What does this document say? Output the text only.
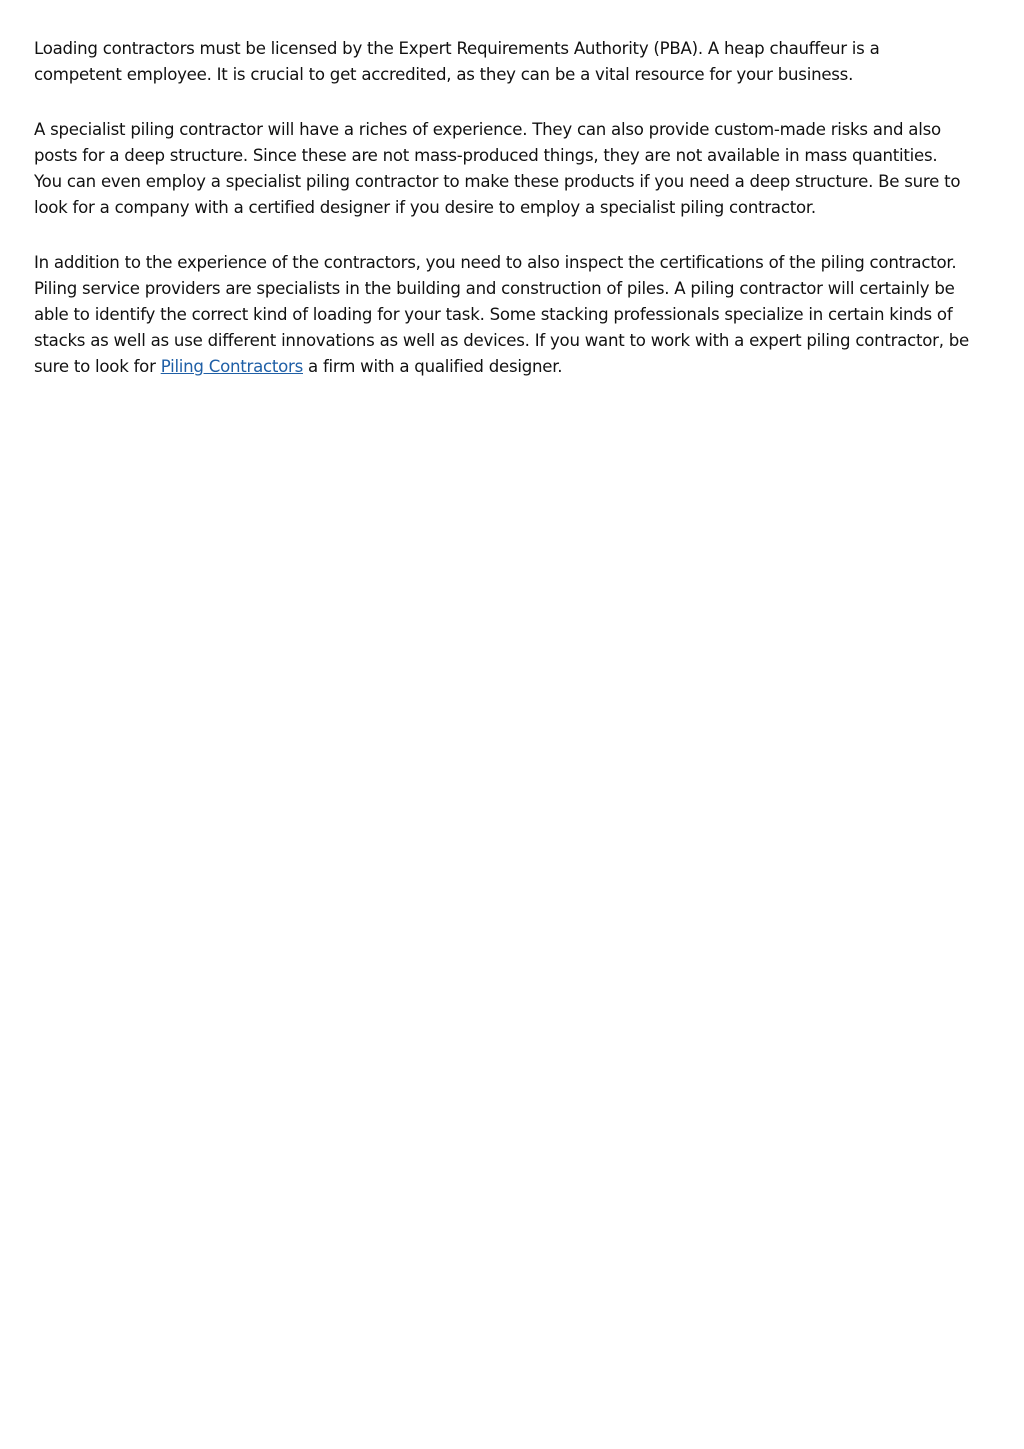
Loading contractors must be licensed by the Expert Requirements Authority (PBA). A heap chauffeur is a
competent employee. It is crucial to get accredited, as they can be a vital resource for your business.

A specialist piling contractor will have a riches of experience. They can also provide custom-made risks and also
posts for a deep structure. Since these are not mass-produced things, they are not available in mass quantities.
You can even employ a specialist piling contractor to make these products if you need a deep structure. Be sure to
look for a company with a certified designer if you desire to employ a specialist piling contractor.

In addition to the experience of the contractors, you need to also inspect the certifications of the piling contractor.
Piling service providers are specialists in the building and construction of piles. A piling contractor will certainly be
able to identify the correct kind of loading for your task. Some stacking professionals specialize in certain kinds of
stacks as well as use different innovations as well as devices. If you want to work with a expert piling contractor, be
sure to look for Piling Contractors a firm with a qualified designer.
